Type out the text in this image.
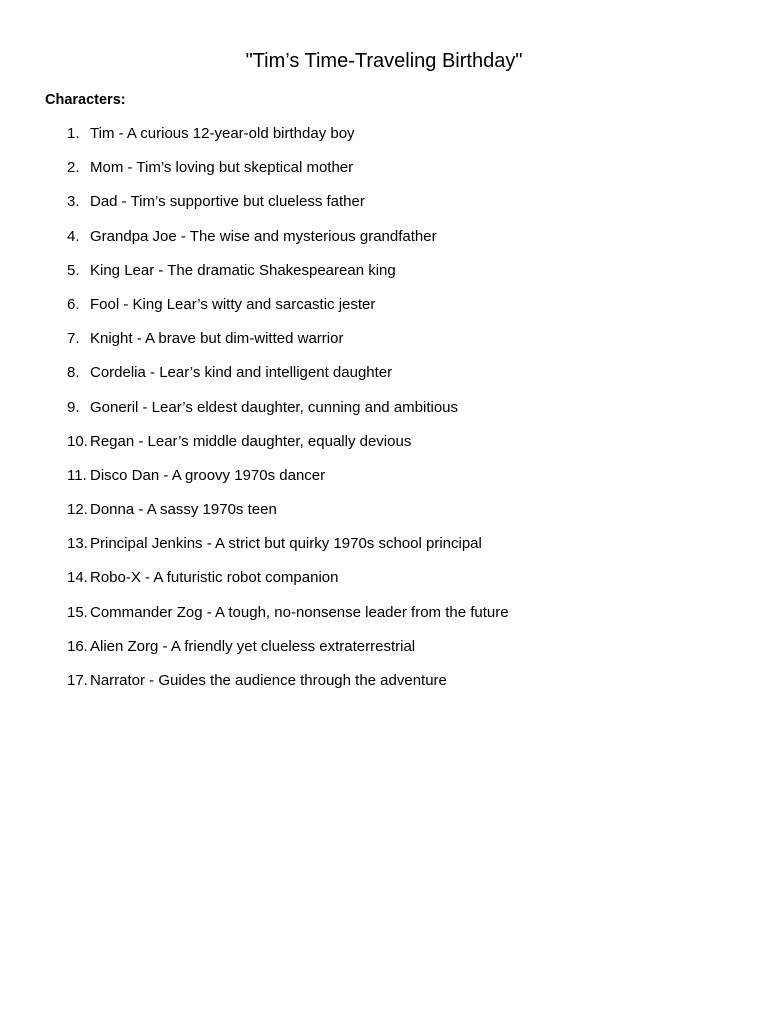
"Tim’s Time-Traveling Birthday"
Characters:
1. Tim - A curious 12-year-old birthday boy
2. Mom - Tim’s loving but skeptical mother
3. Dad - Tim’s supportive but clueless father
4. Grandpa Joe - The wise and mysterious grandfather
5. King Lear - The dramatic Shakespearean king
6. Fool - King Lear’s witty and sarcastic jester
7. Knight - A brave but dim-witted warrior
8. Cordelia - Lear’s kind and intelligent daughter
9. Goneril - Lear’s eldest daughter, cunning and ambitious
10. Regan - Lear’s middle daughter, equally devious
11. Disco Dan - A groovy 1970s dancer
12. Donna - A sassy 1970s teen
13. Principal Jenkins - A strict but quirky 1970s school principal
14. Robo-X - A futuristic robot companion
15. Commander Zog - A tough, no-nonsense leader from the future
16. Alien Zorg - A friendly yet clueless extraterrestrial
17. Narrator - Guides the audience through the adventure
